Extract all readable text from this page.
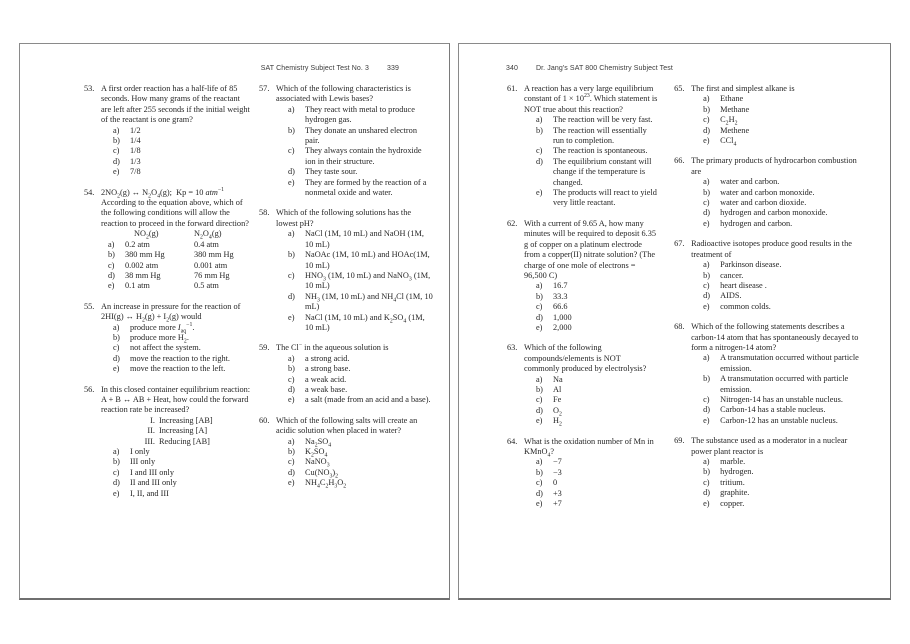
SAT Chemistry Subject Test No. 3	339
53. A first order reaction has a half-life of 85 seconds. How many grams of the reactant are left after 255 seconds if the initial weight of the reactant is one gram?
a)	1/2
b)	1/4
c)	1/8
d)	1/3
e)	7/8
54. $2NO_2(g)$ ↔ $N_2O_4(g)$;  Kp = 10 atm$^{-1}$
According to the equation above, which of the following conditions will allow the reaction to proceed in the forward direction?
$NO_2(g)$	$N_2O_4(g)$
a)	0.2 atm	0.4 atm
b)	380 mm Hg	380 mm Hg
c)	0.002 atm	0.001 atm
d)	38 mm Hg	76 mm Hg
e)	0.1 atm	0.5 atm
55. An increase in pressure for the reaction of 2HI(g) ↔ $H_2(g) + I_2(g)$ would
a)	produce more $I_{aq}^{-1}$.
b)	produce more $H_2$.
c)	not affect the system.
d)	move the reaction to the right.
e)	move the reaction to the left.
56. In this closed container equilibrium reaction: A + B ↔ AB + Heat, how could the forward reaction rate be increased?
I. Increasing [AB]
II. Increasing [A]
III. Reducing [AB]
a)	I only
b)	III only
c)	I and III only
d)	II and III only
e)	I, II, and III
57. Which of the following characteristics is associated with Lewis bases?
a)	They react with metal to produce hydrogen gas.
b)	They donate an unshared electron pair.
c)	They always contain the hydroxide ion in their structure.
d)	They taste sour.
e)	They are formed by the reaction of a nonmetal oxide and water.
58. Which of the following solutions has the lowest pH?
a)	NaCl (1M, 10 mL) and NaOH (1M, 10 mL)
b)	NaOAc (1M, 10 mL) and HOAc(1M, 10 mL)
c)	$HNO_3$ (1M, 10 mL) and NaNO$_3$ (1M, 10 mL)
d)	$NH_3$ (1M, 10 mL) and $NH_4Cl$ (1M, 10 mL)
e)	NaCl (1M, 10 mL) and $K_2SO_4$ (1M, 10 mL)
59. The Cl− in the aqueous solution is
a)	a strong acid.
b)	a strong base.
c)	a weak acid.
d)	a weak base.
e)	a salt (made from an acid and a base).
60. Which of the following salts will create an acidic solution when placed in water?
a)	$Na_2SO_4$
b)	$K_2SO_4$
c)	NaNO$_3$
d)	$Cu(NO_3)_2$
e)	$NH_4C_2H_3O_2$
340	Dr. Jang's SAT 800 Chemistry Subject Test
61. A reaction has a very large equilibrium constant of $1 \times 10^{23}$. Which statement is NOT true about this reaction?
a)	The reaction will be very fast.
b)	The reaction will essentially run to completion.
c)	The reaction is spontaneous.
d)	The equilibrium constant will change if the temperature is changed.
e)	The products will react to yield very little reactant.
62. With a current of 9.65 A, how many minutes will be required to deposit 6.35 g of copper on a platinum electrode from a copper(II) nitrate solution? (The charge of one mole of electrons = 96,500 C)
a)	16.7
b)	33.3
c)	66.6
d)	1,000
e)	2,000
63. Which of the following compounds/elements is NOT commonly produced by electrolysis?
a)	Na
b)	Al
c)	Fe
d)	$O_2$
e)	$H_2$
64. What is the oxidation number of Mn in KMnO$_4$?
a)	−7
b)	−3
c)	0
d)	+3
e)	+7
65. The first and simplest alkane is
a)	Ethane
b)	Methane
c)	$C_2H_2$
d)	Methene
e)	CCl$_4$
66. The primary products of hydrocarbon combustion are
a)	water and carbon.
b)	water and carbon monoxide.
c)	water and carbon dioxide.
d)	hydrogen and carbon monoxide.
e)	hydrogen and carbon.
67. Radioactive isotopes produce good results in the treatment of
a)	Parkinson disease.
b)	cancer.
c)	heart disease .
d)	AIDS.
e)	common colds.
68. Which of the following statements describes a carbon-14 atom that has spontaneously decayed to form a nitrogen-14 atom?
a)	A transmutation occurred without particle emission.
b)	A transmutation occurred with particle emission.
c)	Nitrogen-14 has an unstable nucleus.
d)	Carbon-14 has a stable nucleus.
e)	Carbon-12 has an unstable nucleus.
69. The substance used as a moderator in a nuclear power plant reactor is
a)	marble.
b)	hydrogen.
c)	tritium.
d)	graphite.
e)	copper.
